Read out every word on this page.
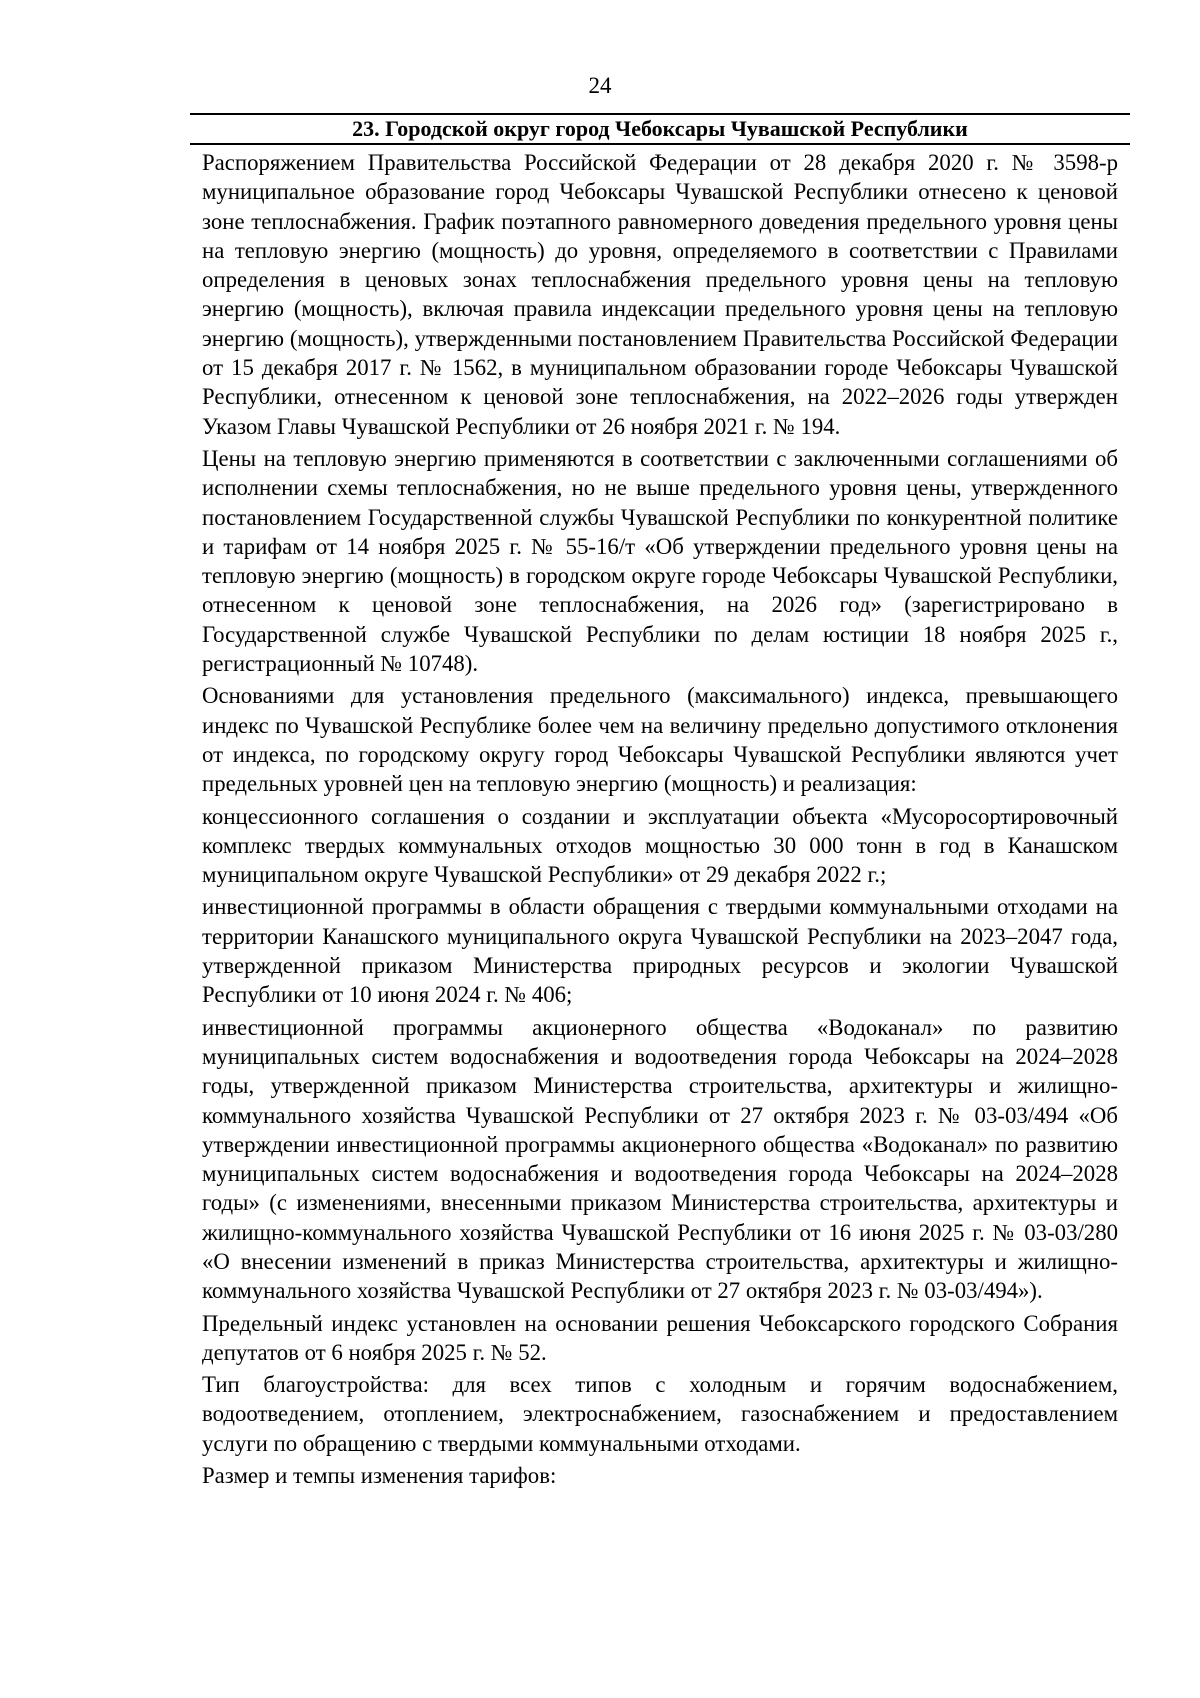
24
23. Городской округ город Чебоксары Чувашской Республики

Распоряжением Правительства Российской Федерации от 28 декабря 2020 г. № 3598-р муниципальное образование город Чебоксары Чувашской Республики отнесено к ценовой зоне теплоснабжения. График поэтапного равномерного доведения предельного уровня цены на тепловую энергию (мощность) до уровня, определяемого в соответствии с Правилами определения в ценовых зонах теплоснабжения предельного уровня цены на тепловую энергию (мощность), включая правила индексации предельного уровня цены на тепловую энергию (мощность), утвержденными постановлением Правительства Российской Федерации от 15 декабря 2017 г. № 1562, в муниципальном образовании городе Чебоксары Чувашской Республики, отнесенном к ценовой зоне теплоснабжения, на 2022–2026 годы утвержден Указом Главы Чувашской Республики от 26 ноября 2021 г. № 194.

Цены на тепловую энергию применяются в соответствии с заключенными соглашениями об исполнении схемы теплоснабжения, но не выше предельного уровня цены, утвержденного постановлением Государственной службы Чувашской Республики по конкурентной политике и тарифам от 14 ноября 2025 г. № 55-16/т «Об утверждении предельного уровня цены на тепловую энергию (мощность) в городском округе городе Чебоксары Чувашской Республики, отнесенном к ценовой зоне теплоснабжения, на 2026 год» (зарегистрировано в Государственной службе Чувашской Республики по делам юстиции 18 ноября 2025 г., регистрационный № 10748).

Основаниями для установления предельного (максимального) индекса, превышающего индекс по Чувашской Республике более чем на величину предельно допустимого отклонения от индекса, по городскому округу город Чебоксары Чувашской Республики являются учет предельных уровней цен на тепловую энергию (мощность) и реализация:

концессионного соглашения о создании и эксплуатации объекта «Мусоросортировочный комплекс твердых коммунальных отходов мощностью 30 000 тонн в год в Канашском муниципальном округе Чувашской Республики» от 29 декабря 2022 г.;

инвестиционной программы в области обращения с твердыми коммунальными отходами на территории Канашского муниципального округа Чувашской Республики на 2023–2047 года, утвержденной приказом Министерства природных ресурсов и экологии Чувашской Республики от 10 июня 2024 г. № 406;

инвестиционной программы акционерного общества «Водоканал» по развитию муниципальных систем водоснабжения и водоотведения города Чебоксары на 2024–2028 годы, утвержденной приказом Министерства строительства, архитектуры и жилищно-коммунального хозяйства Чувашской Республики от 27 октября 2023 г. № 03-03/494 «Об утверждении инвестиционной программы акционерного общества «Водоканал» по развитию муниципальных систем водоснабжения и водоотведения города Чебоксары на 2024–2028 годы» (с изменениями, внесенными приказом Министерства строительства, архитектуры и жилищно-коммунального хозяйства Чувашской Республики от 16 июня 2025 г. № 03-03/280 «О внесении изменений в приказ Министерства строительства, архитектуры и жилищно-коммунального хозяйства Чувашской Республики от 27 октября 2023 г. № 03-03/494»).

Предельный индекс установлен на основании решения Чебоксарского городского Собрания депутатов от 6 ноября 2025 г. № 52.

Тип благоустройства: для всех типов с холодным и горячим водоснабжением, водоотведением, отоплением, электроснабжением, газоснабжением и предоставлением услуги по обращению с твердыми коммунальными отходами.

Размер и темпы изменения тарифов:
